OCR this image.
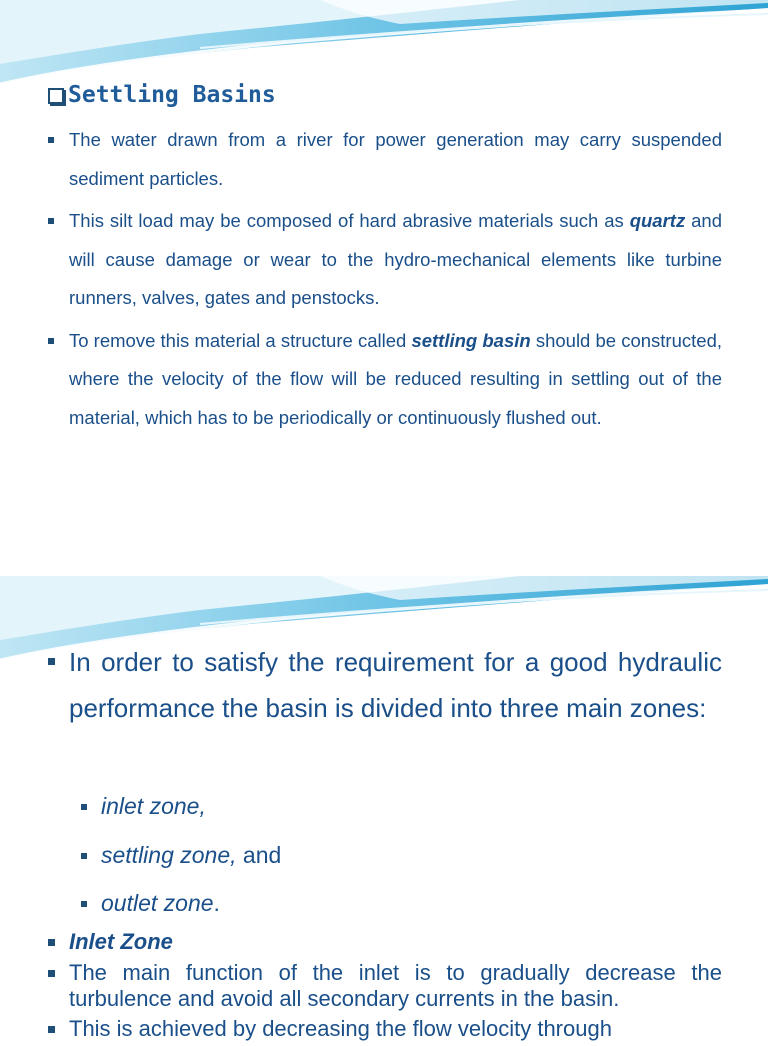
Settling Basins
The water drawn from a river for power generation may carry suspended sediment particles.
This silt load may be composed of hard abrasive materials such as quartz and will cause damage or wear to the hydro-mechanical elements like turbine runners, valves, gates and penstocks.
To remove this material a structure called settling basin should be constructed, where the velocity of the flow will be reduced resulting in settling out of the material, which has to be periodically or continuously flushed out.
In order to satisfy the requirement for a good hydraulic performance the basin is divided into three main zones:
inlet zone,
settling zone, and
outlet zone.
Inlet Zone
The main function of the inlet is to gradually decrease the turbulence and avoid all secondary currents in the basin.
This is achieved by decreasing the flow velocity through
